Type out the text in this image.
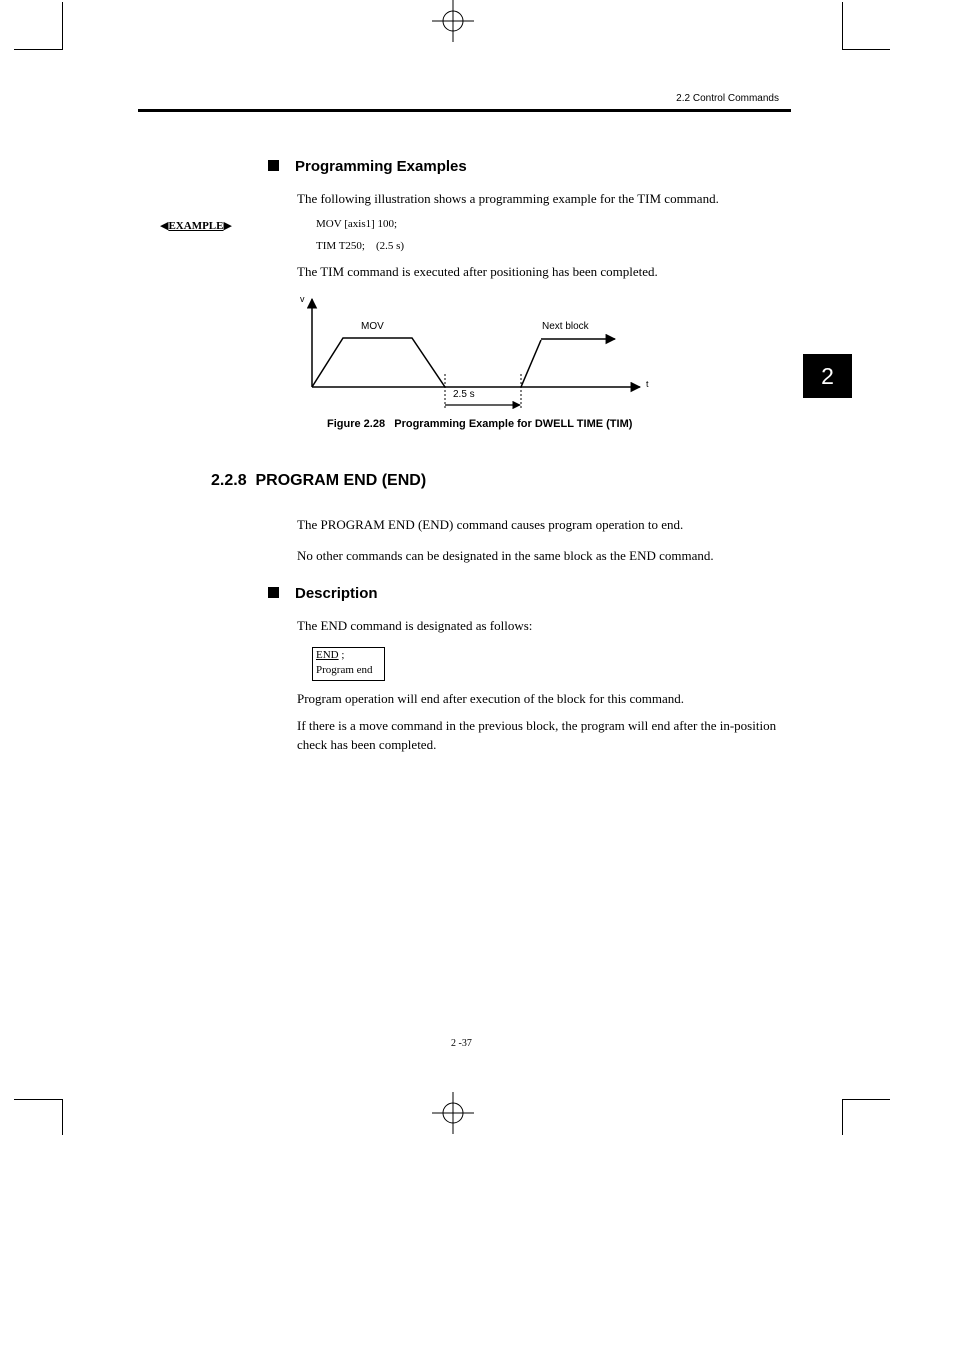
2.2 Control Commands
2
Programming Examples
The following illustration shows a programming example for the TIM command.
◀EXAMPLE▶	MOV [axis1] 100;
TIM T250;    (2.5 s)
The TIM command is executed after positioning has been completed.
v
t
MOV	Next block
2.5 s
Figure 2.28   Programming Example for DWELL TIME (TIM)
2.2.8  PROGRAM END (END)
The PROGRAM END (END) command causes program operation to end.
No other commands can be designated in the same block as the END command.
Description
The END command is designated as follows:
END ;
Program end
Program operation will end after execution of the block for this command.
If there is a move command in the previous block, the program will end after the in-position check has been completed.
2 -37
